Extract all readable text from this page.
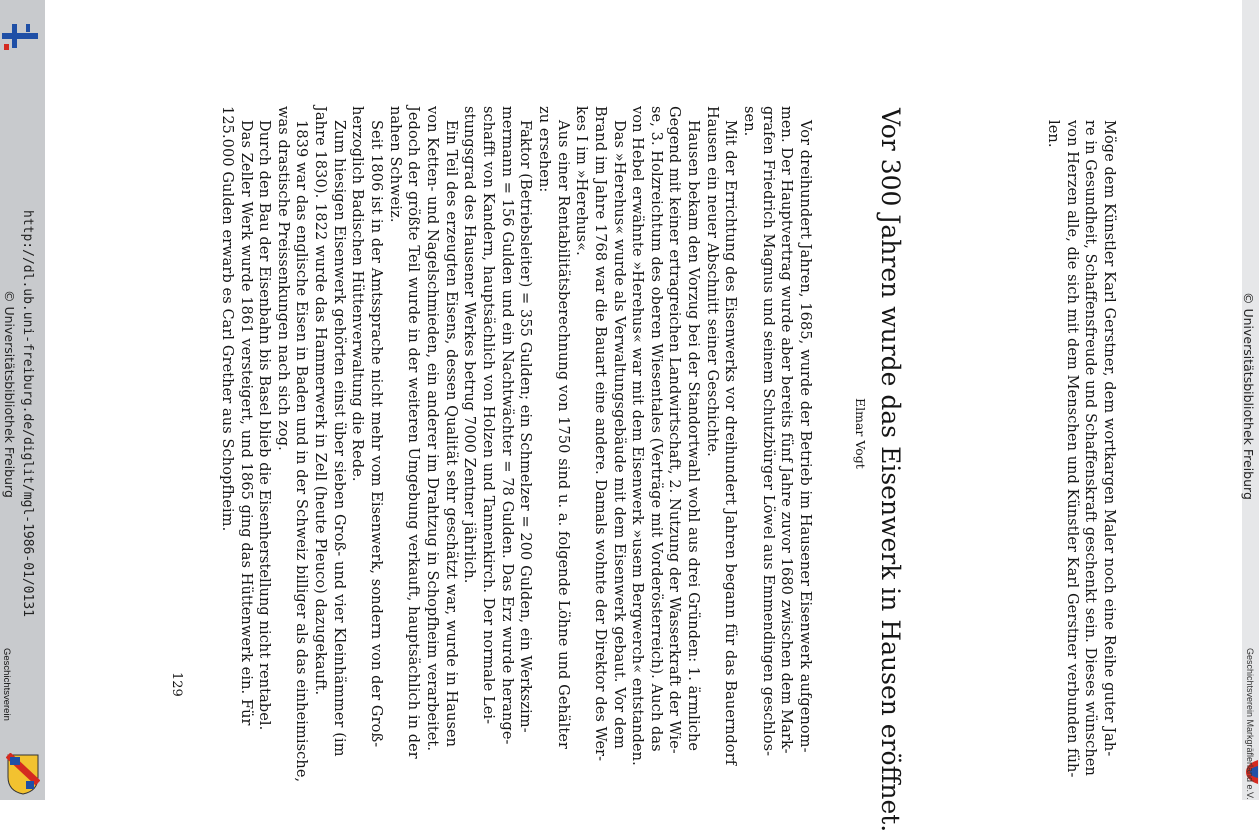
http://dl.ub.uni-freiburg.de/diglit/mgl-1986-01/0131
© Universitätsbibliothek Freiburg
Geschichtsverein
© Universitätsbibliothek Freiburg
Geschichtsverein Markgräflerland e.V.
Möge dem Künstler Karl Gerstner, dem wortkargen Maler noch eine Reihe guter Jah-
re in Gesundheit, Schaffensfreude und Schaffenskraft geschenkt sein. Dieses wünschen
von Herzen alle, die sich mit dem Menschen und Künstler Karl Gerstner verbunden füh-
len.
Vor 300 Jahren wurde das Eisenwerk in Hausen eröffnet.
Elmar Vogt
Vor dreihundert Jahren, 1685, wurde der Betrieb im Hausener Eisenwerk aufgenom-
men. Der Hauptvertrag wurde aber bereits fünf Jahre zuvor 1680 zwischen dem Mark-
grafen Friedrich Magnus und seinem Schutzbürger Löwel aus Emmendingen geschlos-
sen.
Mit der Errichtung des Eisenwerks vor dreihundert Jahren begann für das Bauerndorf
Hausen ein neuer Abschnitt seiner Geschichte.
Hausen bekam den Vorzug bei der Standortwahl wohl aus drei Gründen: 1. ärmliche
Gegend mit keiner ertragreichen Landwirtschaft, 2. Nutzung der Wasserkraft der Wie-
se, 3. Holzreichtum des oberen Wiesentales (Verträge mit Vorderösterreich). Auch das
von Hebel erwähnte »Herehus« war mit dem Eisenwerk »usem Bergwerch« entstanden.
Das »Herehus« wurde als Verwaltungsgebäude mit dem Eisenwerk gebaut. Vor dem
Brand im Jahre 1768 war die Bauart eine andere. Damals wohnte der Direktor des Wer-
kes I im »Herehus«.
Aus einer Rentabilitätsberechnung von 1750 sind u. a. folgende Löhne und Gehälter
zu ersehen:
Faktor (Betriebsleiter) = 355 Gulden; ein Schmelzer = 200 Gulden, ein Werkszim-
mermann = 156 Gulden und ein Nachtwächter = 78 Gulden. Das Erz wurde herange-
schafft von Kandern, hauptsächlich von Holzen und Tannenkirch. Der normale Lei-
stungsgrad des Hausener Werkes betrug 7000 Zentner jährlich.
Ein Teil des erzeugten Eisens, dessen Qualität sehr geschätzt war, wurde in Hausen
von Ketten- und Nagelschmieden, ein anderer im Drahtzug in Schopfheim verarbeitet.
Jedoch der größte Teil wurde in der weiteren Umgebung verkauft, hauptsächlich in der
nahen Schweiz.
Seit 1806 ist in der Amtssprache nicht mehr vom Eisenwerk, sondern von der Groß-
herzoglich Badischen Hüttenverwaltung die Rede.
Zum hiesigen Eisenwerk gehörten einst über sieben Groß- und vier Kleinhämmer (im
Jahre 1830). 1822 wurde das Hammerwerk in Zell (heute Pleuco) dazugekauft.
1839 war das englische Eisen in Baden und in der Schweiz billiger als das einheimische,
was drastische Preissenkungen nach sich zog.
Durch den Bau der Eisenbahn bis Basel blieb die Eisenherstellung nicht rentabel.
Das Zeller Werk wurde 1861 versteigert, und 1865 ging das Hüttenwerk ein. Für
125.000 Gulden erwarb es Carl Grether aus Schopfheim.
129
